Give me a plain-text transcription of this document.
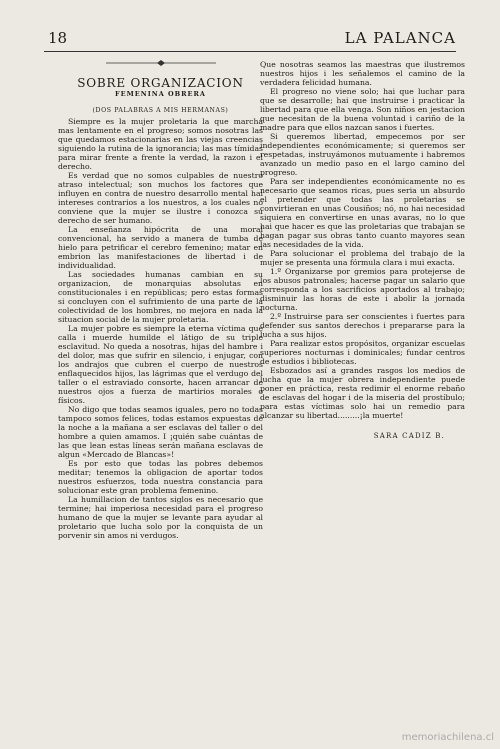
18	LA PALANCA
SOBRE ORGANIZACION
FEMENINA OBRERA
(DOS PALABRAS A MIS HERMANAS)

Siempre es la mujer proletaria la que marcha mas lentamente en el progreso; somos nosotras las que quedamos estacionarias en las viejas creencias siguiendo la rutina de la ignorancia; las mas tímidas para mirar frente a frente la verdad, la razon i el derecho.

Es verdad que no somos culpables de nuestro atraso intelectual; son muchos los factores que influyen en contra de nuestro desarrollo mental hai intereses contrarios a los nuestros, a los cuales no conviene que la mujer se ilustre i conozca su derecho de ser humano.

La enseñanza hipócrita de una moral convencional, ha servido a manera de tumba de hielo para petrificar el cerebro femenino; matar en embrion las manifestaciones de libertad i de individualidad.

Las sociedades humanas cambian en su organizacion, de monarquias absolutas en constitucionales i en repúblicas; pero estas formas si concluyen con el sufrimiento de una parte de la colectividad de los hombres, no mejora en nada la situacion social de la mujer proletaria.

La mujer pobre es siempre la eterna víctima que calla i muerde humilde el látigo de su triple esclavitud. No queda a nosotras, hijas del hambre i del dolor, mas que sufrir en silencio, i enjugar, con los andrajos que cubren el cuerpo de nuestros enflaquecidos hijos, las lágrimas que el verdugo del taller o el estraviado consorte, hacen arrancar de nuestros ojos a fuerza de martirios morales o físicos.

No digo que todas seamos iguales, pero no todas tampoco somos felices, todas estamos expuestas de la noche a la mañana a ser esclavas del taller o del hombre a quien amamos. I ¡quién sabe cuántas de las que lean estas líneas serán mañana esclavas de algun «Mercado de Blancas»!

Es por esto que todas las pobres debemos meditar; tenemos la obligacion de aportar todos nuestros esfuerzos, toda nuestra constancia para solucionar este gran problema femenino.

La humillacion de tantos siglos es necesario que termine; hai imperiosa necesidad para el progreso humano de que la mujer se levante para ayudar al proletario que lucha solo por la conquista de un porvenir sin amos ni verdugos.

Que nosotras seamos las maestras que ilustremos nuestros hijos i les señalemos el camino de la verdadera felicidad humana.

El progreso no viene solo; hai que luchar para que se desarrolle; hai que instruirse i practicar la libertad para que ella venga. Son niños en jestacion que necesitan de la buena voluntad i cariño de la madre para que ellos nazcan sanos i fuertes.

Si queremos libertad, empecemos por ser independientes económicamente; si queremos ser respetadas, instruyámonos mutuamente i habremos avanzado un medio paso en el largo camino del progreso.

Para ser independientes económicamente no es necesario que seamos ricas, pues seria un absurdo el pretender que todas las proletarias se convirtieran en unas Cousiños; nó, no hai necesidad siquiera en convertirse en unas avaras, no lo que hai que hacer es que las proletarias que trabajan se hagan pagar sus obras tanto cuanto mayores sean las necesidades de la vida.

Para solucionar el problema del trabajo de la mujer se presenta una fórmula clara i mui exacta.

1.º Organizarse por gremios para protejerse de los abusos patronales; hacerse pagar un salario que corresponda a los sacrificios aportados al trabajo; disminuir las horas de este i abolir la jornada nocturna.

2.º Instruirse para ser conscientes i fuertes para defender sus santos derechos i prepararse para la lucha a sus hijos.

Para realizar estos propósitos, organizar escuelas superiores nocturnas i dominicales; fundar centros de estudios i bibliotecas.

Esbozados así a grandes rasgos los medios de lucha que la mujer obrera independiente puede poner en práctica, resta redimir el enorme rebaño de esclavas del hogar i de la miseria del prostíbulo; para estas víctimas solo hai un remedio para alcanzar su libertad.........¡la muerte!

SARA CADIZ B.
memoriachilena.cl
